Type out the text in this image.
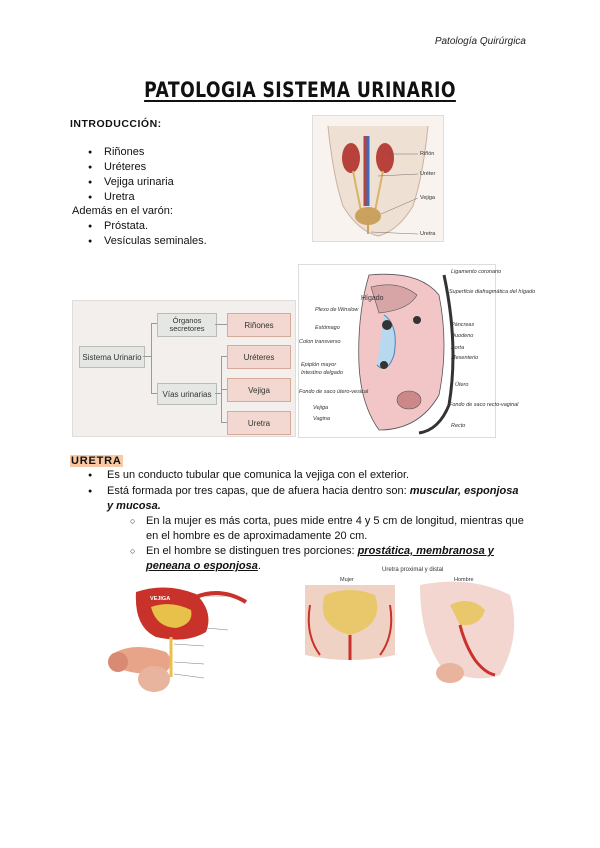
Patología Quirúrgica
PATOLOGIA SISTEMA URINARIO
INTRODUCCIÓN:
● Riñones
● Uréteres
● Vejiga urinaria
● Uretra
Además en el varón:
● Próstata.
● Vesículas seminales.
Riñón
Uréter
Vejiga
Uretra
Sistema Urinario
Órganos secretores
Vías urinarias
Riñones
Uréteres
Vejiga
Uretra
Hígado
Plexo de Winslow
Estómago
Colon transverso
Epiplón mayor
Intestino delgado
Fondo de saco útero-vesical
Vejiga
Vagina
Ligamento coronario
Superficie diafragmática del hígado
Páncreas
Duodeno
Aorta
Mesenterio
Útero
Fondo de saco recto-vaginal
Recto
URETRA
● Es un conducto tubular que comunica la vejiga con el exterior.
● Está formada por tres capas, que de afuera hacia dentro son: muscular, esponjosa
y mucosa.
○ En la mujer es más corta, pues mide entre 4 y 5 cm de longitud, mientras que
en el hombre es de aproximadamente 20 cm.
○ En el hombre se distinguen tres porciones: prostática, membranosa y
peneana o esponjosa.
VEJIGA
Uretra proximal y distal
Mujer	Hombre
